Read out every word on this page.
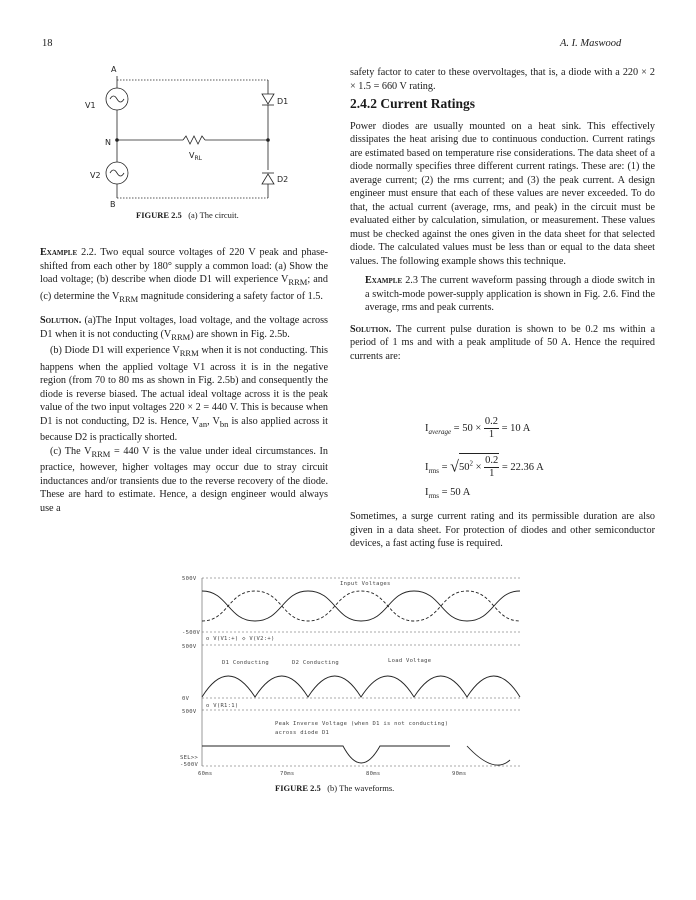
18	A. I. Maswood
A
V1
N
$V_{RL}$
V2
B
D1
D2
FIGURE 2.5 (a) The circuit.

Example 2.2. Two equal source voltages of 220 V peak and phase-shifted from each other by 180° supply a common load: (a) Show the load voltage; (b) describe when diode D1 will experience $V_{RRM}$; and (c) determine the $V_{RRM}$ magnitude considering a safety factor of 1.5.

Solution. (a)The Input voltages, load voltage, and the voltage across D1 when it is not conducting $(V_{RRM})$ are shown in Fig. 2.5b.

(b) Diode D1 will experience $V_{RRM}$ when it is not conducting. This happens when the applied voltage V1 across it is in the negative region (from 70 to 80 ms as shown in Fig. 2.5b) and consequently the diode is reverse biased. The actual ideal voltage across it is the peak value of the two input voltages 220 × 2 = 440 V. This is because when D1 is not conducting, D2 is. Hence, $V_{an}$, $V_{bn}$ is also applied across it because D2 is practically shorted.

(c) The $V_{RRM} = 440$ V is the value under ideal circumstances. In practice, however, higher voltages may occur due to stray circuit inductances and/or transients due to the reverse recovery of the diode. These are hard to estimate. Hence, a design engineer would always use a

safety factor to cater to these overvoltages, that is, a diode with a 220 × 2 × 1.5 = 660 V rating.

2.4.2 Current Ratings

Power diodes are usually mounted on a heat sink. This effectively dissipates the heat arising due to continuous conduction. Current ratings are estimated based on temperature rise considerations. The data sheet of a diode normally specifies three different current ratings. These are: (1) the average current; (2) the rms current; and (3) the peak current. A design engineer must ensure that each of these values are never exceeded. To do that, the actual current (average, rms, and peak) in the circuit must be evaluated either by calculation, simulation, or measurement. These values must be checked against the ones given in the data sheet for that selected diode. The calculated values must be less than or equal to the data sheet values. The following example shows this technique.

Example 2.3 The current waveform passing through a diode switch in a switch-mode power-supply application is shown in Fig. 2.6. Find the average, rms and peak currents.

Solution. The current pulse duration is shown to be 0.2 ms within a period of 1 ms and with a peak amplitude of 50 A. Hence the required currents are:

$I_{average} = 50 \times \frac{0.2}{1} = 10$ A
$I_{rms} = √50^2 \times \frac{0.2}{1} = 22.36$ A
$I_{rms} = 50$ A

Sometimes, a surge current rating and its permissible duration are also given in a data sheet. For protection of diodes and other semiconductor devices, a fast acting fuse is required.

500V
Input Voltages
-500V
o V(V1:+) ◇ V(V2:+)
500V
D1 Conducting	D2 Conducting	Load Voltage
0V
o V(R1:1)
500V
Peak Inverse Voltage (when D1 is not conducting)
across diode D1
SEL>>
-500V
60ms	70ms	80ms	90ms
FIGURE 2.5 (b) The waveforms.
